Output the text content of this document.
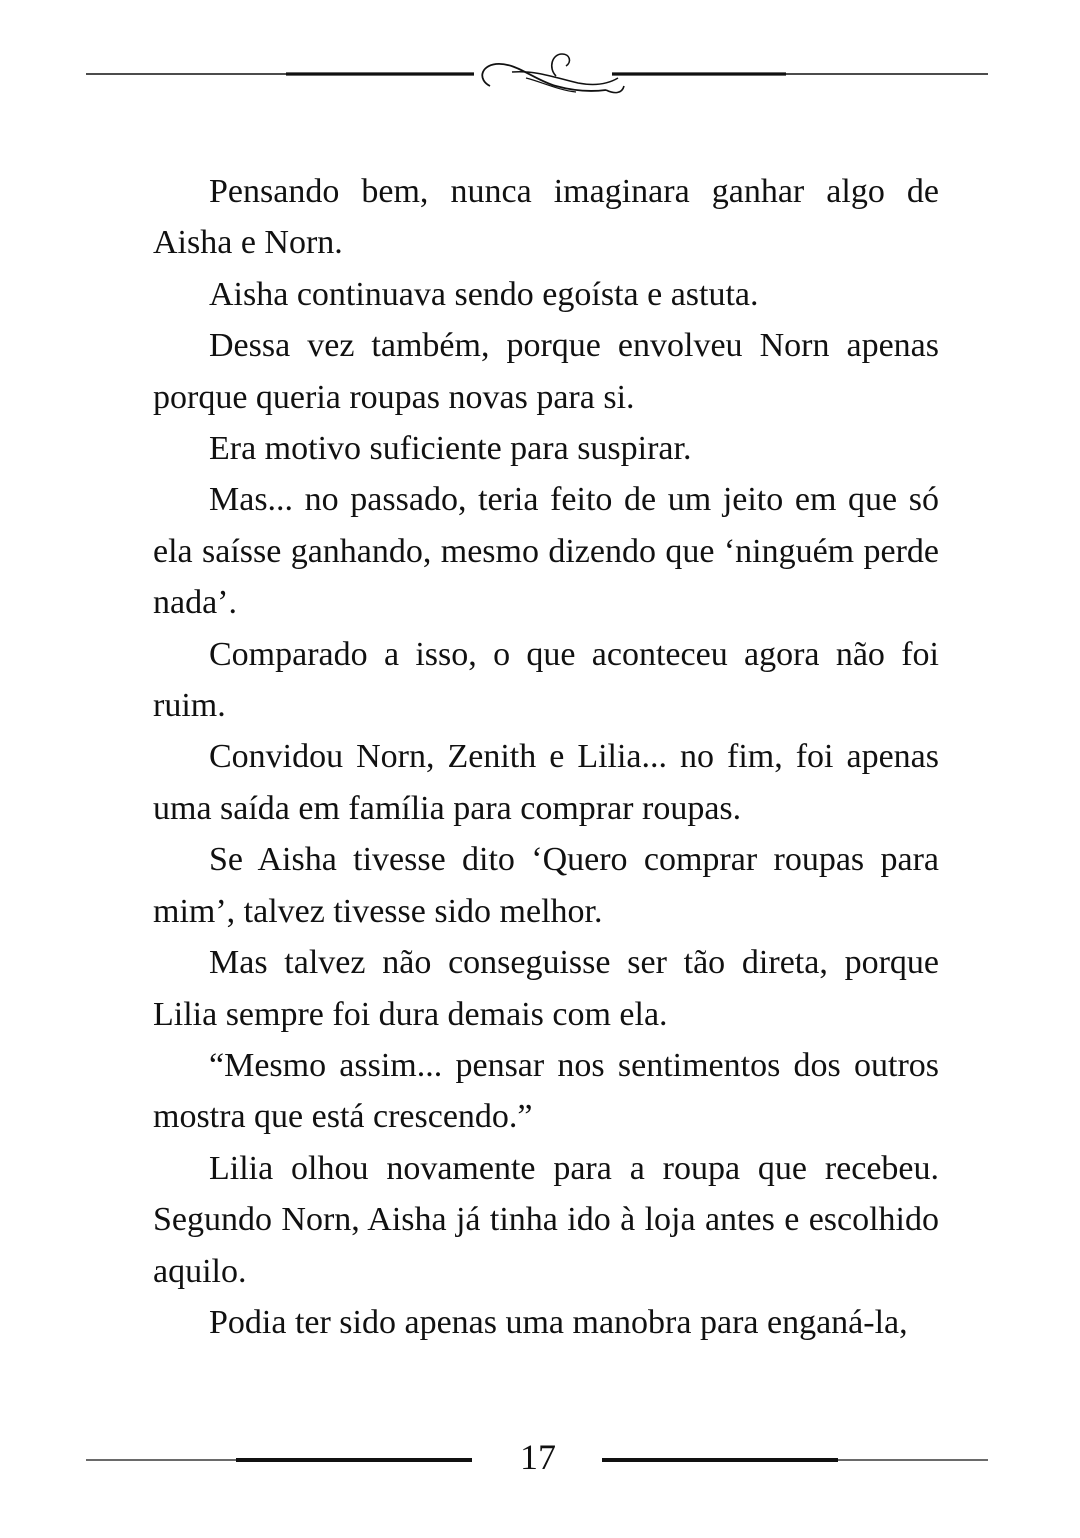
Pensando bem, nunca imaginara ganhar algo de Aisha e Norn.

Aisha continuava sendo egoísta e astuta.

Dessa vez também, porque envolveu Norn apenas porque queria roupas novas para si.

Era motivo suficiente para suspirar.

Mas... no passado, teria feito de um jeito em que só ela saísse ganhando, mesmo dizendo que ‘ninguém perde nada’.

Comparado a isso, o que aconteceu agora não foi ruim.

Convidou Norn, Zenith e Lilia... no fim, foi apenas uma saída em família para comprar roupas.

Se Aisha tivesse dito ‘Quero comprar roupas para mim’, talvez tivesse sido melhor.

Mas talvez não conseguisse ser tão direta, porque Lilia sempre foi dura demais com ela.

“Mesmo assim... pensar nos sentimentos dos outros mostra que está crescendo.”

Lilia olhou novamente para a roupa que recebeu. Segundo Norn, Aisha já tinha ido à loja antes e escolhido aquilo.

Podia ter sido apenas uma manobra para enganá-la,

17
